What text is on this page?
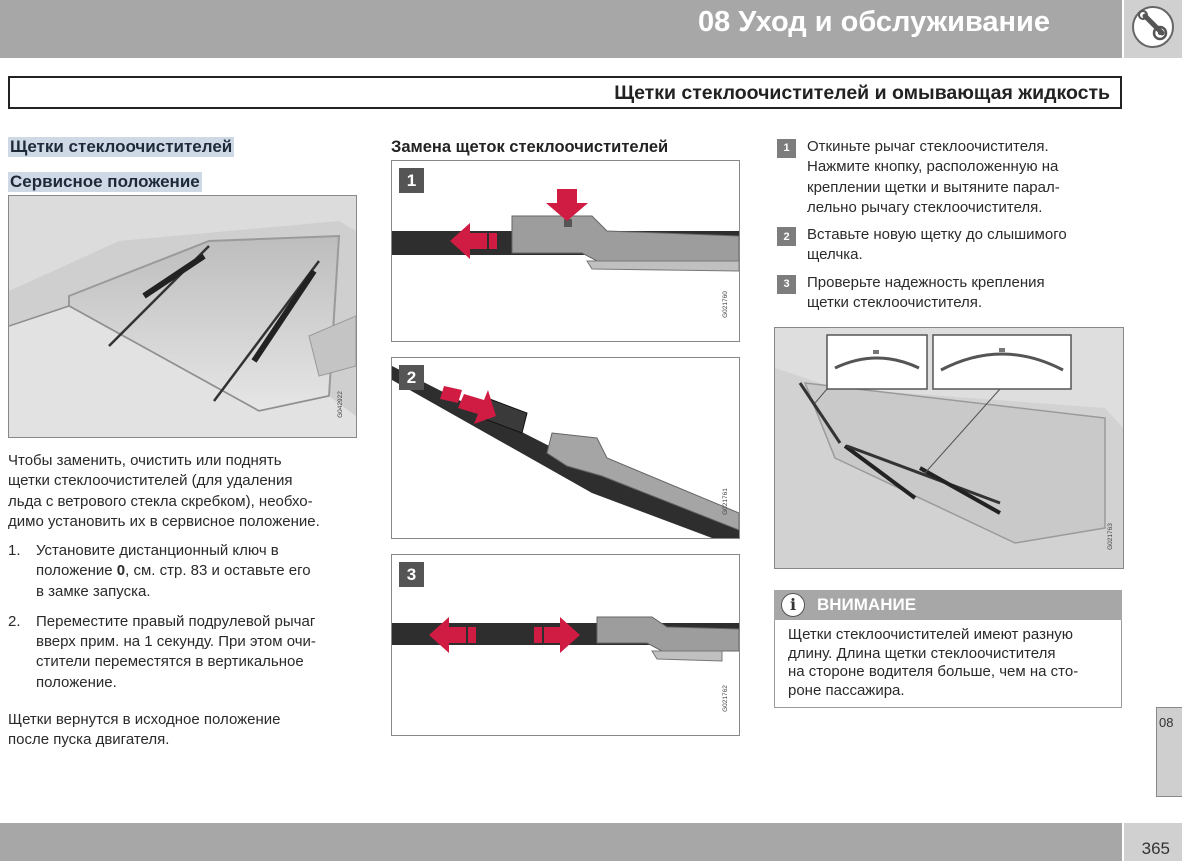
08 Уход и обслуживание
Щетки стеклоочистителей и омывающая жидкость
Щетки стеклоочистителей
Сервисное положение
G042922
Чтобы заменить, очистить или поднять
щетки стеклоочистителей (для удаления
льда с ветрового стекла скребком), необхо-
димо установить их в сервисное положение.
1.	Установите дистанционный ключ в
положение 0, см. стр. 83 и оставьте его
в замке запуска.
2.	Переместите правый подрулевой рычаг
вверх прим. на 1 секунду. При этом очи-
стители переместятся в вертикальное
положение.
Щетки вернутся в исходное положение
после пуска двигателя.
Замена щеток стеклоочистителей
1
G021760
2
G021761
3
G021762
1	Откиньте рычаг стеклоочистителя.
Нажмите кнопку, расположенную на
креплении щетки и вытяните парал-
лельно рычагу стеклоочистителя.
2	Вставьте новую щетку до слышимого
щелчка.
3	Проверьте надежность крепления
щетки стеклоочистителя.
G021763
i	ВНИМАНИЕ
Щетки стеклоочистителей имеют разную
длину. Длина щетки стеклоочистителя
на стороне водителя больше, чем на сто-
роне пассажира.
08
365
